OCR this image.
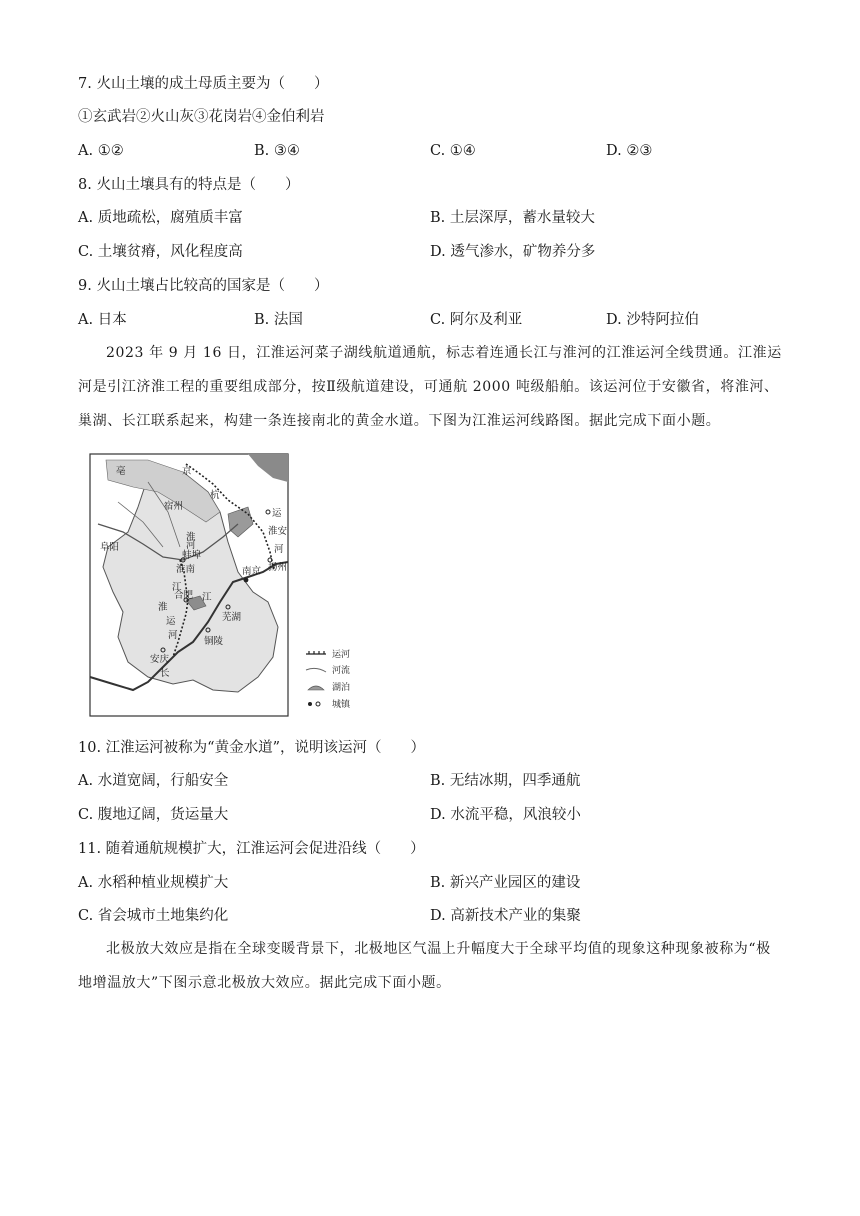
7. 火山土壤的成土母质主要为（　　）
①玄武岩②火山灰③花岗岩④金伯利岩
A. ①②	B. ③④	C. ①④	D. ②③
8. 火山土壤具有的特点是（　　）
A. 质地疏松，腐殖质丰富	B. 土层深厚，蓄水量较大
C. 土壤贫瘠，风化程度高	D. 透气渗水，矿物养分多
9. 火山土壤占比较高的国家是（　　）
A. 日本	B. 法国	C. 阿尔及利亚	D. 沙特阿拉伯
2023 年 9 月 16 日，江淮运河菜子湖线航道通航，标志着连通长江与淮河的江淮运河全线贯通。江淮运河是引江济淮工程的重要组成部分，按Ⅱ级航道建设，可通航 2000 吨级船舶。该运河位于安徽省，将淮河、巢湖、长江联系起来，构建一条连接南北的黄金水道。下图为江淮运河线路图。据此完成下面小题。
亳	京
杭
运
淮安
河
扬州
宿州
淮
河
蚌埠
淮南
阜阳
江
合肥
淮
运
河
南京
江
芜湖
铜陵
安庆
长
运河
河流
湖泊
城镇
10. 江淮运河被称为“黄金水道”，说明该运河（　　）
A. 水道宽阔，行船安全	B. 无结冰期，四季通航
C. 腹地辽阔，货运量大	D. 水流平稳，风浪较小
11. 随着通航规模扩大，江淮运河会促进沿线（　　）
A. 水稻种植业规模扩大	B. 新兴产业园区的建设
C. 省会城市土地集约化	D. 高新技术产业的集聚
北极放大效应是指在全球变暖背景下，北极地区气温上升幅度大于全球平均值的现象这种现象被称为“极地增温放大”下图示意北极放大效应。据此完成下面小题。
